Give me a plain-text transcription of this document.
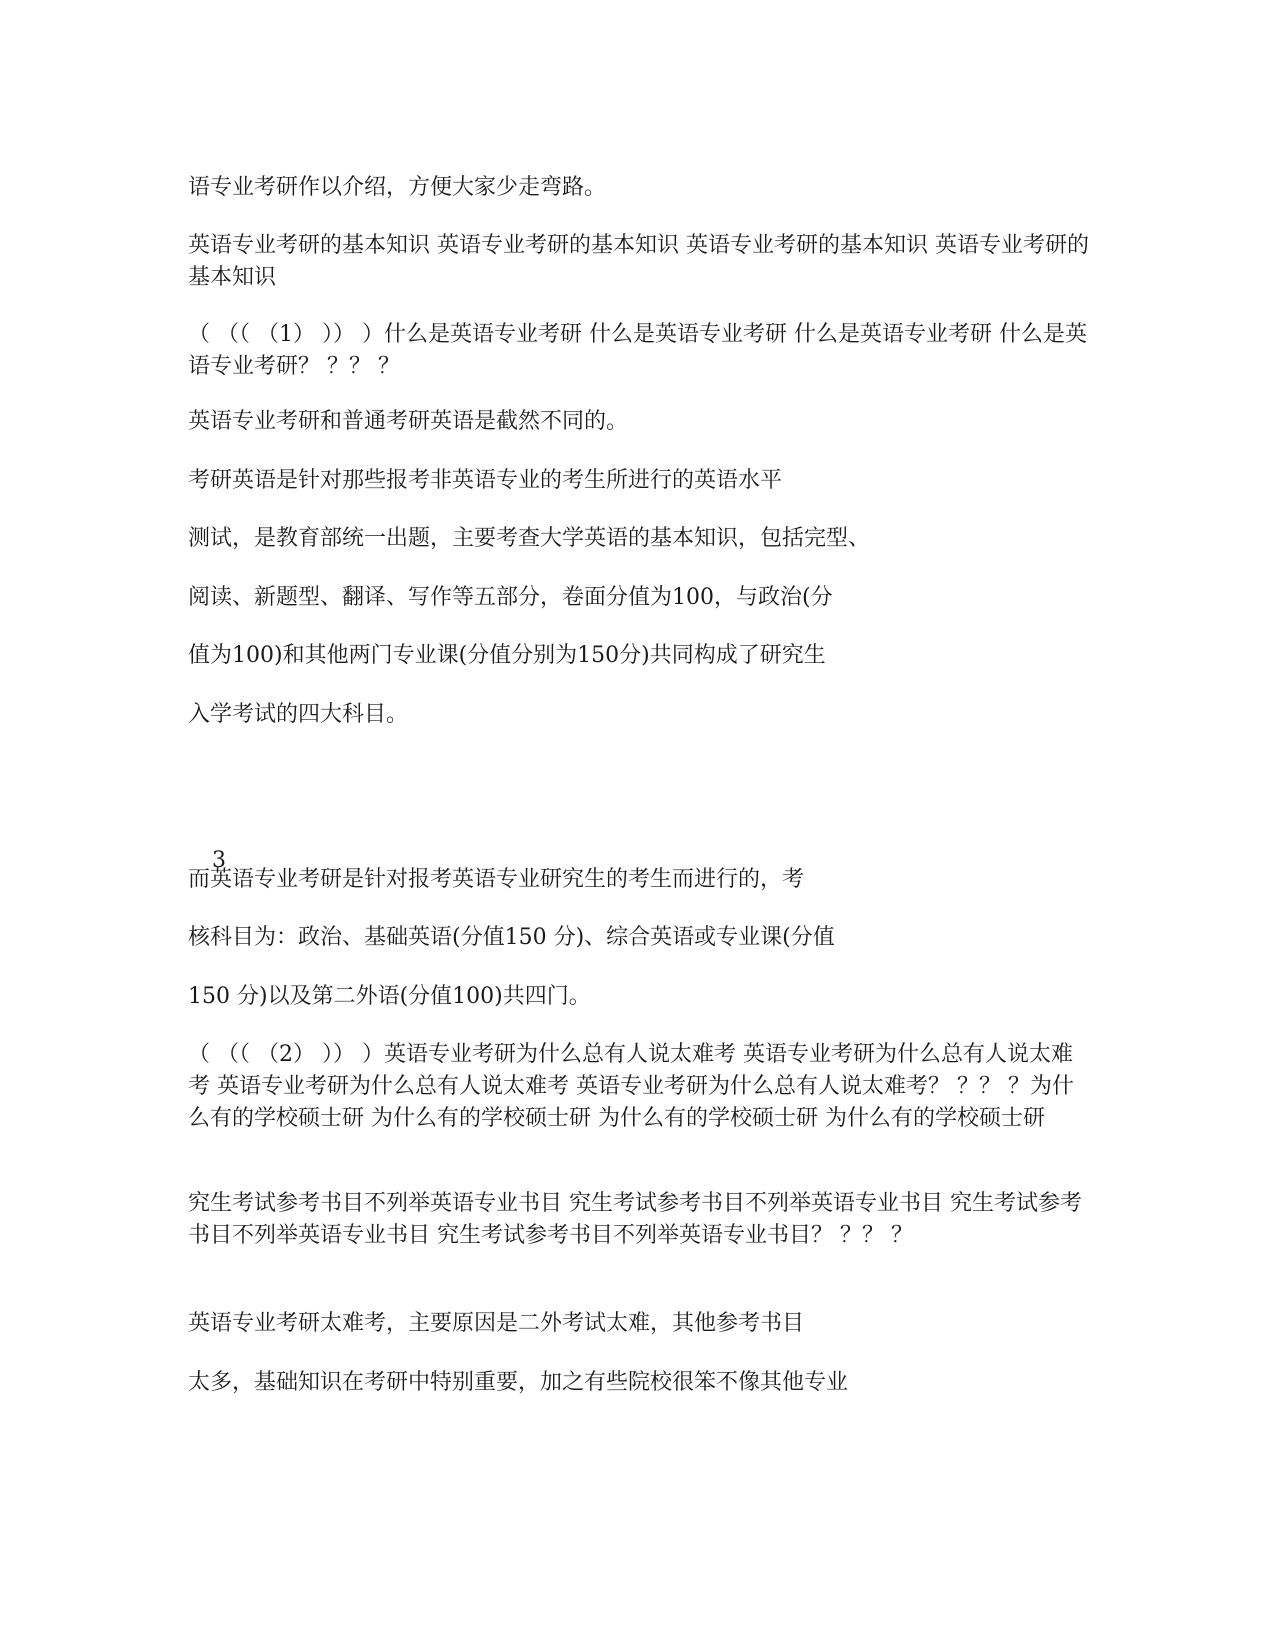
语专业考研作以介绍，方便大家少走弯路。

英语专业考研的基本知识 英语专业考研的基本知识 英语专业考研的基本知识 英语专业考研的基本知识

（ （（ （1） ）） ）什么是英语专业考研 什么是英语专业考研 什么是英语专业考研 什么是英语专业考研？ ？？ ？

英语专业考研和普通考研英语是截然不同的。

考研英语是针对那些报考非英语专业的考生所进行的英语水平

测试，是教育部统一出题，主要考查大学英语的基本知识，包括完型、

阅读、新题型、翻译、写作等五部分，卷面分值为100，与政治(分

值为100)和其他两门专业课(分值分别为150分)共同构成了研究生

入学考试的四大科目。

3

而英语专业考研是针对报考英语专业研究生的考生而进行的，考

核科目为：政治、基础英语(分值150 分)、综合英语或专业课(分值

150 分)以及第二外语(分值100)共四门。

（ （（ （2） ）） ）英语专业考研为什么总有人说太难考 英语专业考研为什么总有人说太难考 英语专业考研为什么总有人说太难考 英语专业考研为什么总有人说太难考？ ？？ ？为什么有的学校硕士研 为什么有的学校硕士研 为什么有的学校硕士研 为什么有的学校硕士研

究生考试参考书目不列举英语专业书目 究生考试参考书目不列举英语专业书目 究生考试参考书目不列举英语专业书目 究生考试参考书目不列举英语专业书目？ ？？ ？

英语专业考研太难考，主要原因是二外考试太难，其他参考书目

太多，基础知识在考研中特别重要，加之有些院校很笨不像其他专业
